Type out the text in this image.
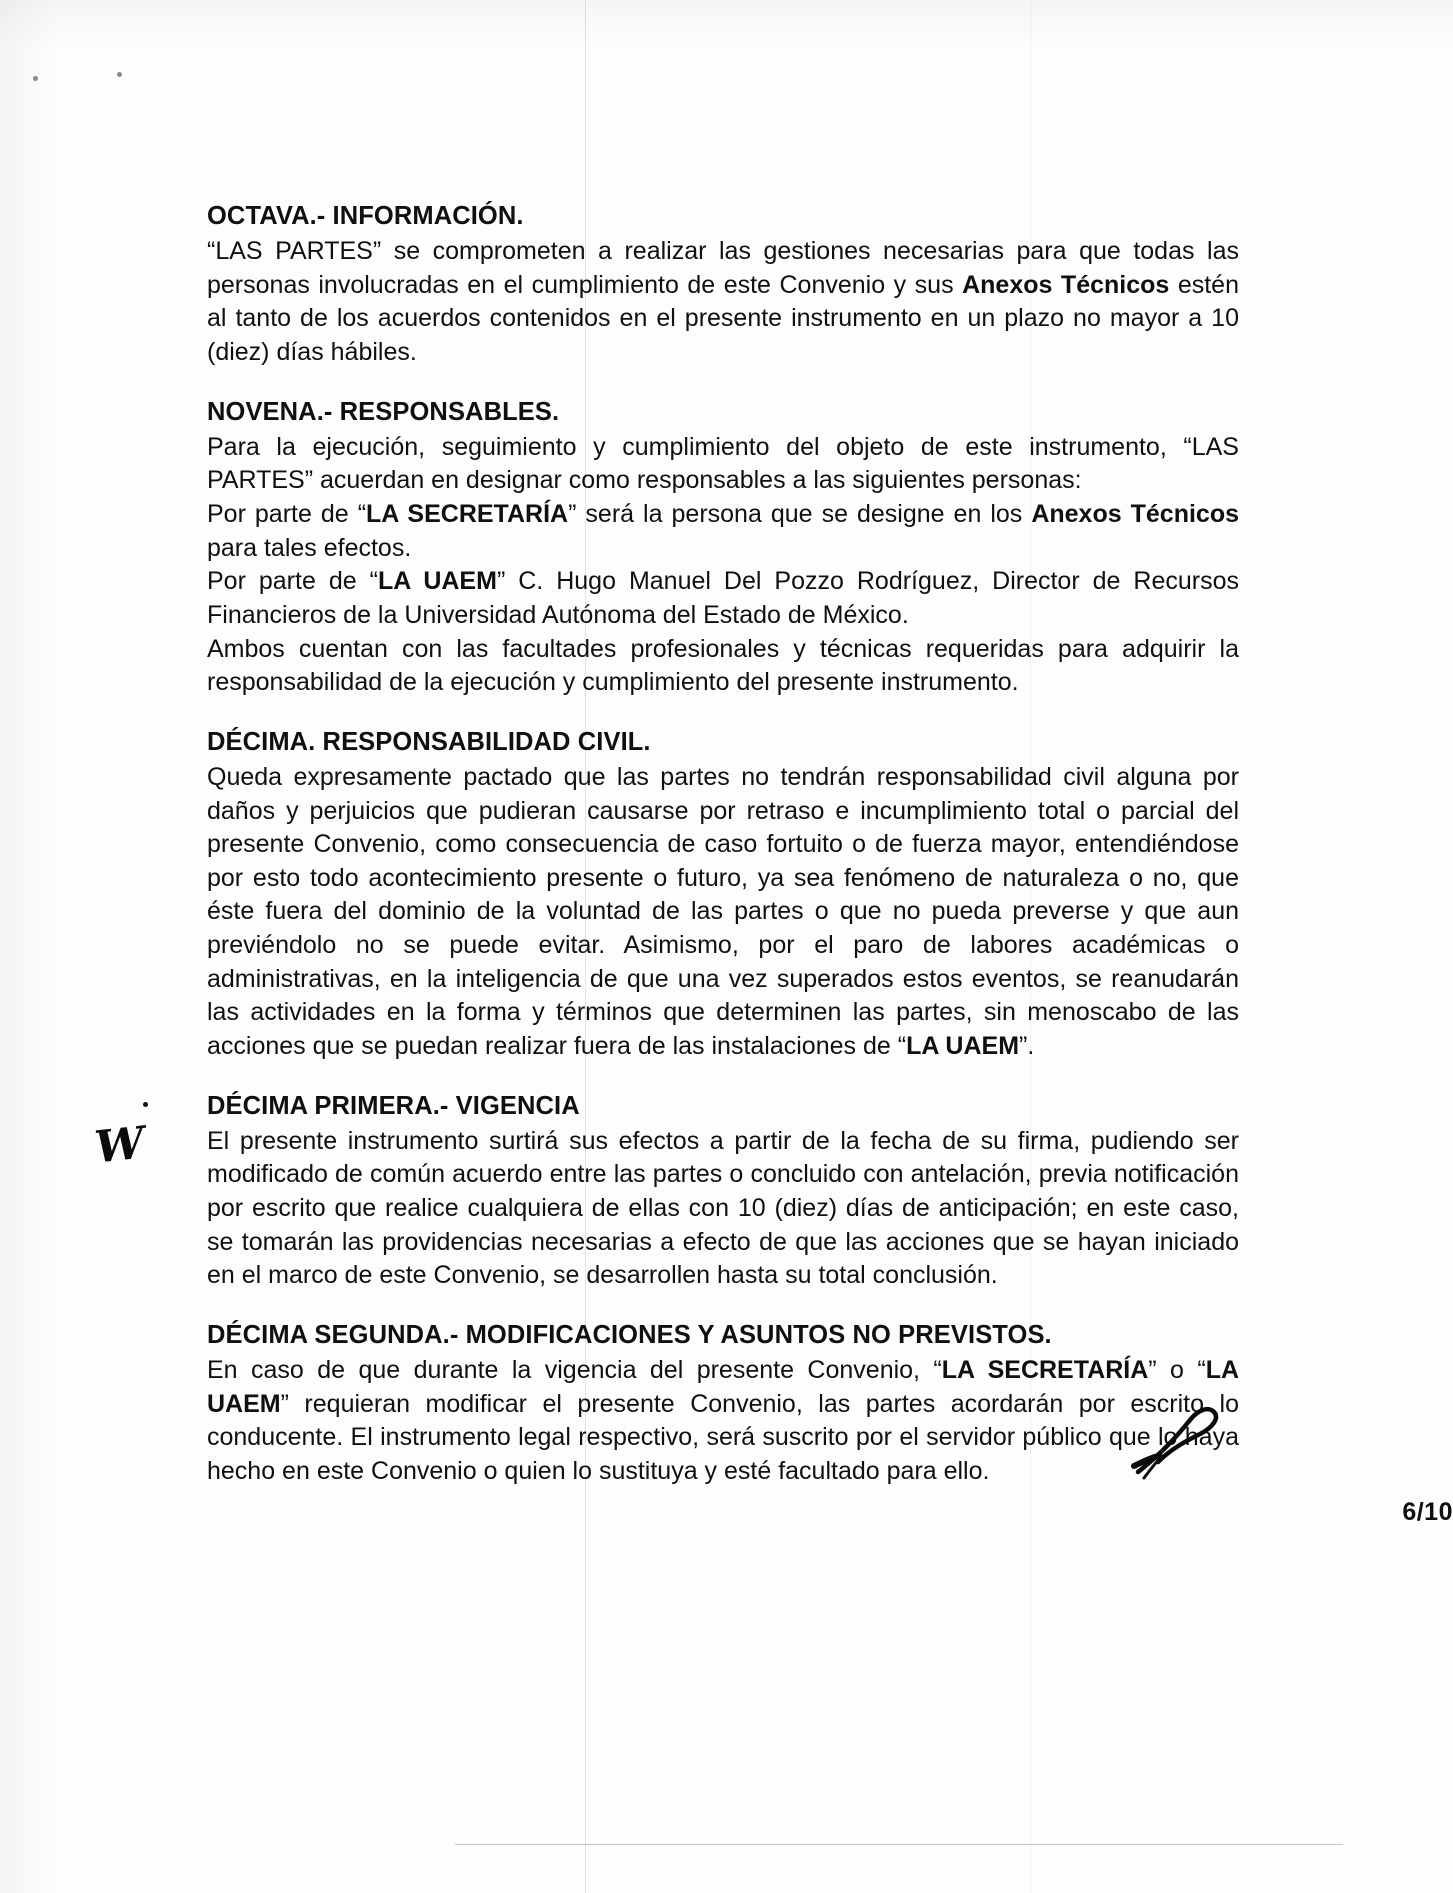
OCTAVA.- INFORMACIÓN.

“LAS PARTES” se comprometen a realizar las gestiones necesarias para que todas las personas involucradas en el cumplimiento de este Convenio y sus Anexos Técnicos estén al tanto de los acuerdos contenidos en el presente instrumento en un plazo no mayor a 10 (diez) días hábiles.

NOVENA.- RESPONSABLES.

Para la ejecución, seguimiento y cumplimiento del objeto de este instrumento, “LAS PARTES” acuerdan en designar como responsables a las siguientes personas:

Por parte de “LA SECRETARÍA” será la persona que se designe en los Anexos Técnicos para tales efectos.

Por parte de “LA UAEM” C. Hugo Manuel Del Pozzo Rodríguez, Director de Recursos Financieros de la Universidad Autónoma del Estado de México.

Ambos cuentan con las facultades profesionales y técnicas requeridas para adquirir la responsabilidad de la ejecución y cumplimiento del presente instrumento.

DÉCIMA. RESPONSABILIDAD CIVIL.

Queda expresamente pactado que las partes no tendrán responsabilidad civil alguna por daños y perjuicios que pudieran causarse por retraso e incumplimiento total o parcial del presente Convenio, como consecuencia de caso fortuito o de fuerza mayor, entendiéndose por esto todo acontecimiento presente o futuro, ya sea fenómeno de naturaleza o no, que éste fuera del dominio de la voluntad de las partes o que no pueda preverse y que aun previéndolo no se puede evitar. Asimismo, por el paro de labores académicas o administrativas, en la inteligencia de que una vez superados estos eventos, se reanudarán las actividades en la forma y términos que determinen las partes, sin menoscabo de las acciones que se puedan realizar fuera de las instalaciones de “LA UAEM”.

DÉCIMA PRIMERA.- VIGENCIA

El presente instrumento surtirá sus efectos a partir de la fecha de su firma, pudiendo ser modificado de común acuerdo entre las partes o concluido con antelación, previa notificación por escrito que realice cualquiera de ellas con 10 (diez) días de anticipación; en este caso, se tomarán las providencias necesarias a efecto de que las acciones que se hayan iniciado en el marco de este Convenio, se desarrollen hasta su total conclusión.

DÉCIMA SEGUNDA.- MODIFICACIONES Y ASUNTOS NO PREVISTOS.

En caso de que durante la vigencia del presente Convenio, “LA SECRETARÍA” o “LA UAEM” requieran modificar el presente Convenio, las partes acordarán por escrito lo conducente. El instrumento legal respectivo, será suscrito por el servidor público que lo haya hecho en este Convenio o quien lo sustituya y esté facultado para ello.

6/10
W
